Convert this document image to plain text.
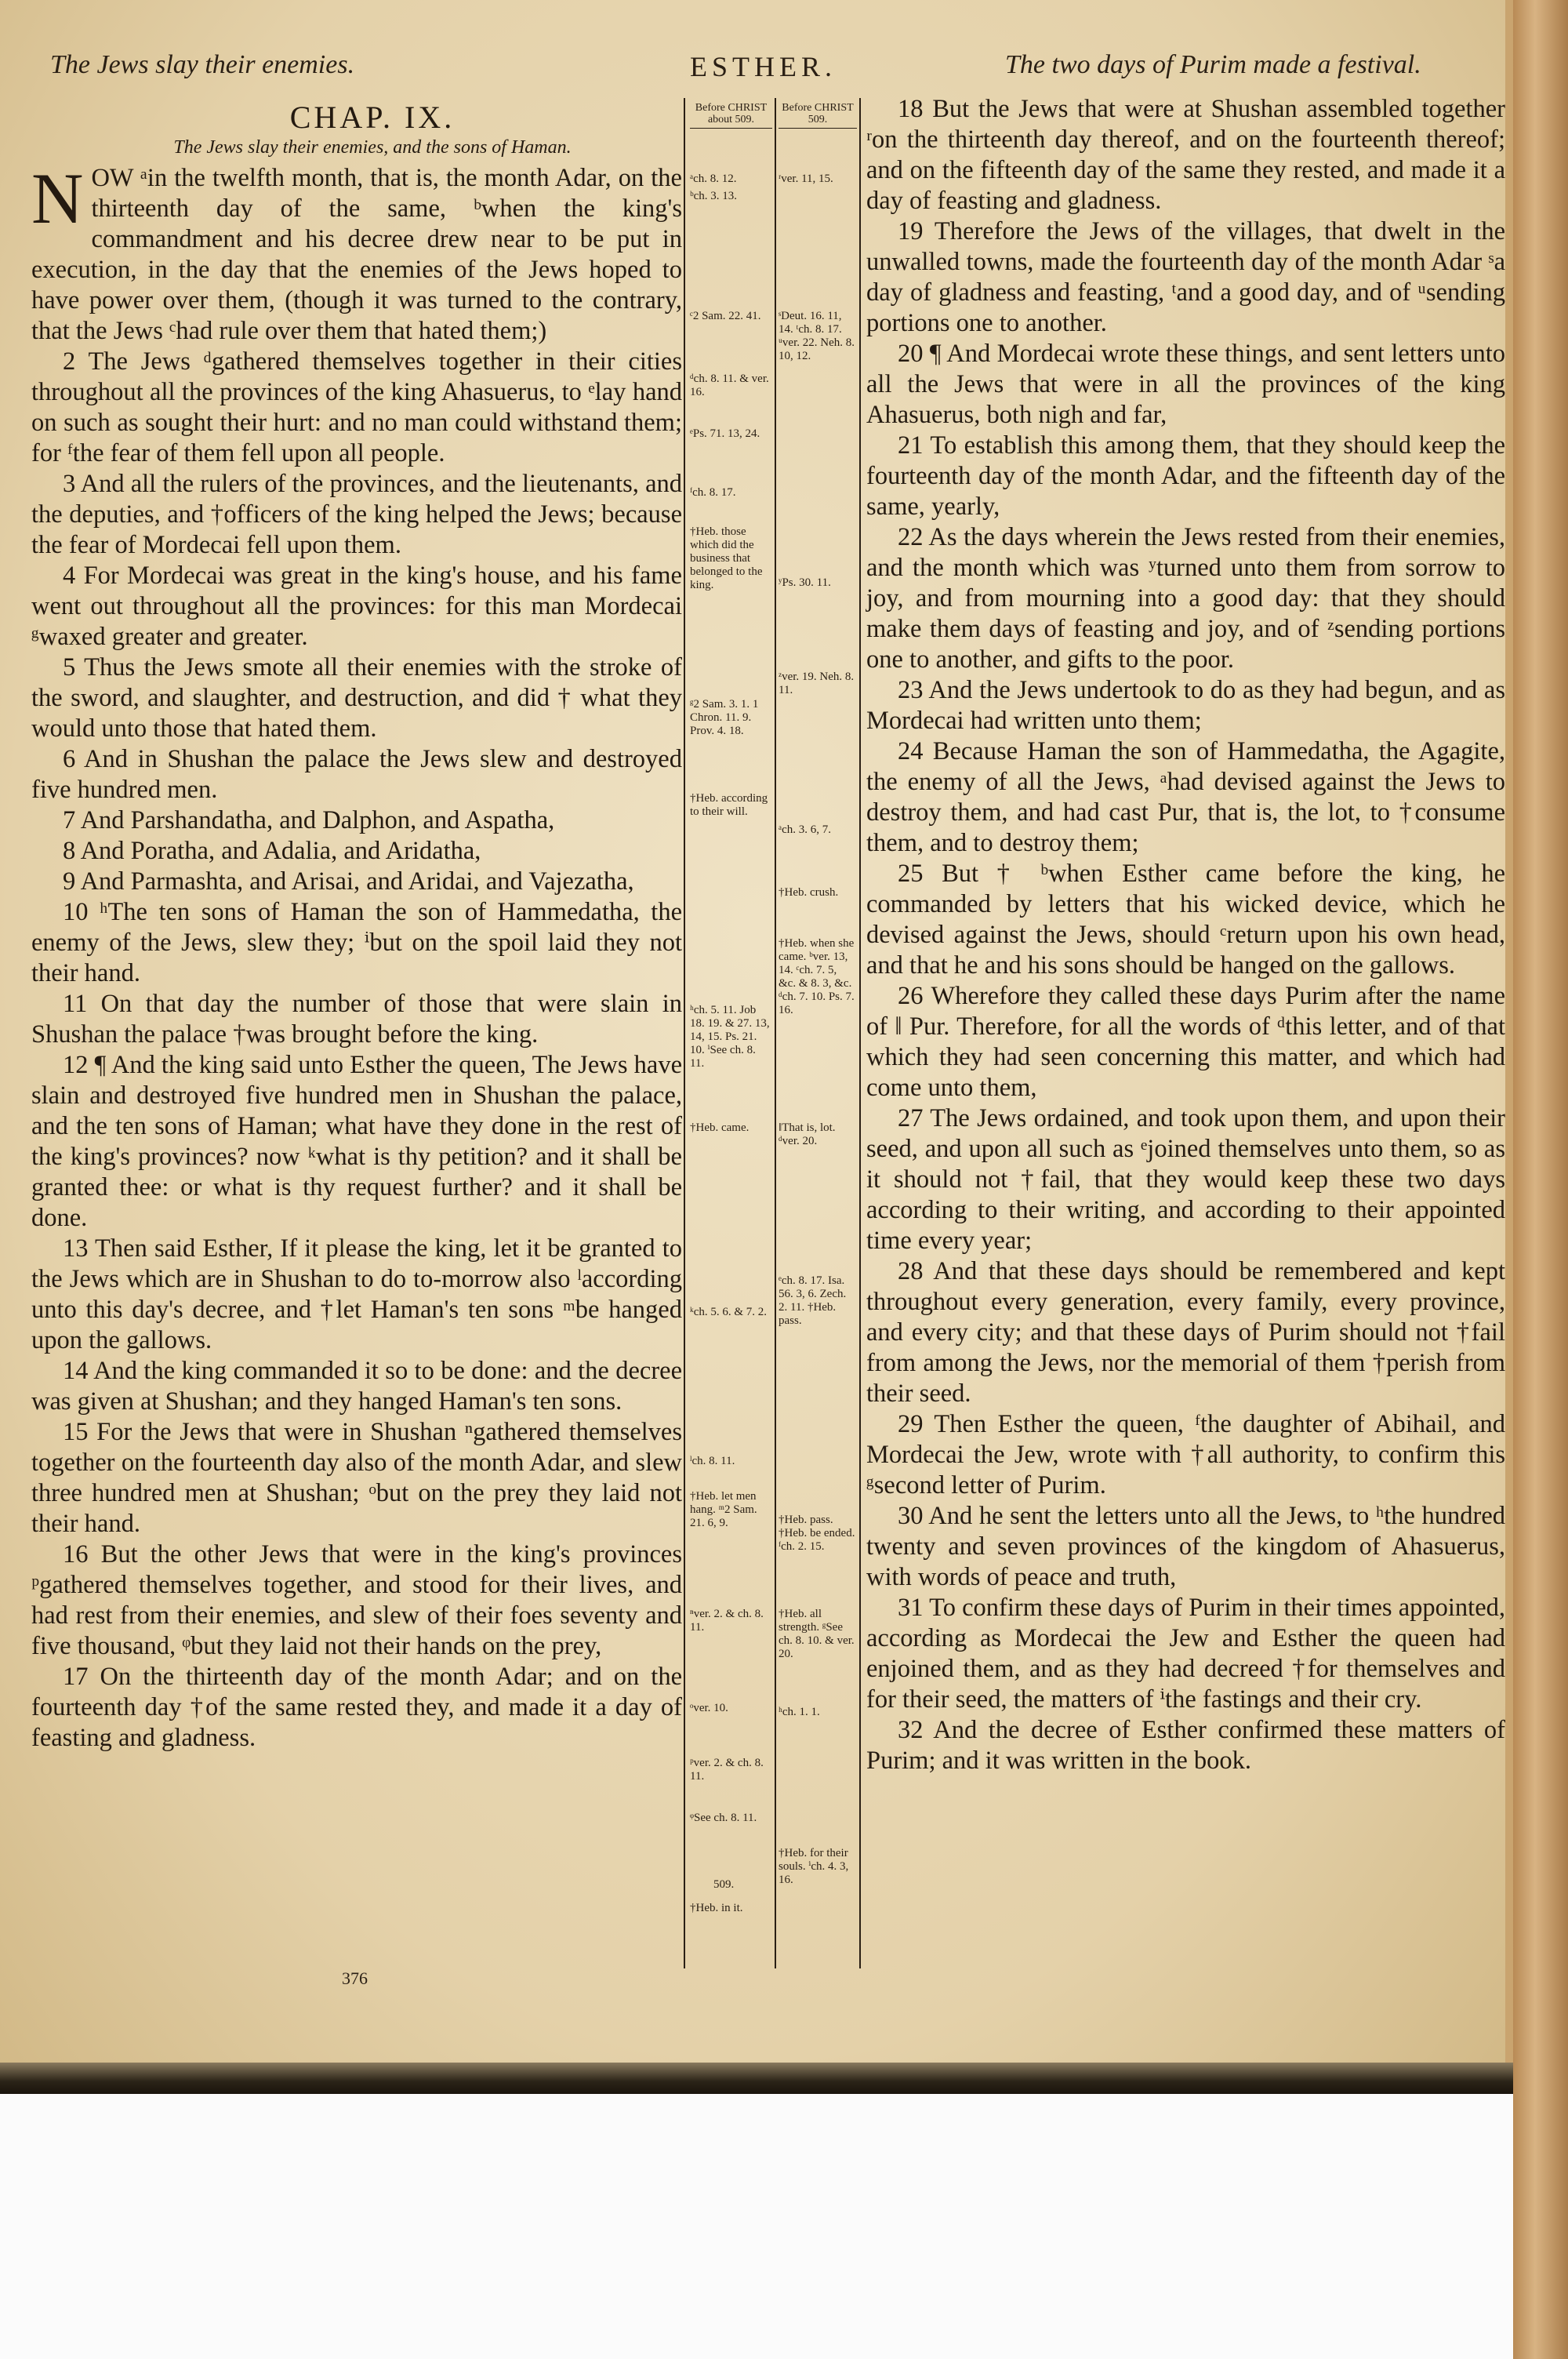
The Jews slay their enemies.	ESTHER.	The two days of Purim made a festival.

CHAP. IX.

The Jews slay their enemies, and the sons of Haman.

NOW ᵃin the twelfth month, that is, the month Adar, on the thirteenth day of the same, ᵇwhen the king's commandment and his decree drew near to be put in execution, in the day that the enemies of the Jews hoped to have power over them, (though it was turned to the contrary, that the Jews ᶜhad rule over them that hated them;)

2 The Jews ᵈgathered themselves together in their cities throughout all the provinces of the king Ahasuerus, to ᵉlay hand on such as sought their hurt: and no man could withstand them; for ᶠthe fear of them fell upon all people.

3 And all the rulers of the provinces, and the lieutenants, and the deputies, and †officers of the king helped the Jews; because the fear of Mordecai fell upon them.

4 For Mordecai was great in the king's house, and his fame went out throughout all the provinces: for this man Mordecai ᵍwaxed greater and greater.

5 Thus the Jews smote all their enemies with the stroke of the sword, and slaughter, and destruction, and did † what they would unto those that hated them.

6 And in Shushan the palace the Jews slew and destroyed five hundred men.

7 And Parshandatha, and Dalphon, and Aspatha,

8 And Poratha, and Adalia, and Aridatha,

9 And Parmashta, and Arisai, and Aridai, and Vajezatha,

10 ʰThe ten sons of Haman the son of Hammedatha, the enemy of the Jews, slew they; ⁱbut on the spoil laid they not their hand.

11 On that day the number of those that were slain in Shushan the palace †was brought before the king.

12 ¶ And the king said unto Esther the queen, The Jews have slain and destroyed five hundred men in Shushan the palace, and the ten sons of Haman; what have they done in the rest of the king's provinces? now ᵏwhat is thy petition? and it shall be granted thee: or what is thy request further? and it shall be done.

13 Then said Esther, If it please the king, let it be granted to the Jews which are in Shushan to do to-morrow also ˡaccording unto this day's decree, and †let Haman's ten sons ᵐbe hanged upon the gallows.

14 And the king commanded it so to be done: and the decree was given at Shushan; and they hanged Haman's ten sons.

15 For the Jews that were in Shushan ⁿgathered themselves together on the fourteenth day also of the month Adar, and slew three hundred men at Shushan; ᵒbut on the prey they laid not their hand.

16 But the other Jews that were in the king's provinces ᵖgathered themselves together, and stood for their lives, and had rest from their enemies, and slew of their foes seventy and five thousand, ᵠbut they laid not their hands on the prey,

17 On the thirteenth day of the month Adar; and on the fourteenth day †of the same rested they, and made it a day of feasting and gladness.

Before CHRIST about 509.
ᵃch. 8. 12.
ᵇch. 3. 13.
ᶜ2 Sam. 22. 41.
ᵈch. 8. 11. & ver. 16.
ᵉPs. 71. 13, 24.
ᶠch. 8. 17.
†Heb. those which did the business that belonged to the king.
ᵍ2 Sam. 3. 1. 1 Chron. 11. 9. Prov. 4. 18.
†Heb. according to their will.
ʰch. 5. 11. Job 18. 19. & 27. 13, 14, 15. Ps. 21. 10. ⁱSee ch. 8. 11.
†Heb. came.
ᵏch. 5. 6. & 7. 2.
ˡch. 8. 11.
†Heb. let men hang. ᵐ2 Sam. 21. 6, 9.
ⁿver. 2. & ch. 8. 11.
ᵒver. 10.
ᵖver. 2. & ch. 8. 11.
ᵠSee ch. 8. 11.
509.
†Heb. in it.
Before CHRIST 509.
ʳver. 11, 15.
ˢDeut. 16. 11, 14. ᵗch. 8. 17. ᵘver. 22. Neh. 8. 10, 12.
ʸPs. 30. 11.
ᶻver. 19. Neh. 8. 11.
ᵃch. 3. 6, 7.
†Heb. crush.
†Heb. when she came. ᵇver. 13, 14. ᶜch. 7. 5, &c. & 8. 3, &c. ᵈch. 7. 10. Ps. 7. 16.
‖That is, lot. ᵈver. 20.
ᵉch. 8. 17. Isa. 56. 3, 6. Zech. 2. 11. †Heb. pass.
†Heb. pass. †Heb. be ended. ᶠch. 2. 15.
†Heb. all strength. ᵍSee ch. 8. 10. & ver. 20.
ʰch. 1. 1.
†Heb. for their souls. ⁱch. 4. 3, 16.

18 But the Jews that were at Shushan assembled together ʳon the thirteenth day thereof, and on the fourteenth thereof; and on the fifteenth day of the same they rested, and made it a day of feasting and gladness.

19 Therefore the Jews of the villages, that dwelt in the unwalled towns, made the fourteenth day of the month Adar ˢa day of gladness and feasting, ᵗand a good day, and of ᵘsending portions one to another.

20 ¶ And Mordecai wrote these things, and sent letters unto all the Jews that were in all the provinces of the king Ahasuerus, both nigh and far,

21 To establish this among them, that they should keep the fourteenth day of the month Adar, and the fifteenth day of the same, yearly,

22 As the days wherein the Jews rested from their enemies, and the month which was ʸturned unto them from sorrow to joy, and from mourning into a good day: that they should make them days of feasting and joy, and of ᶻsending portions one to another, and gifts to the poor.

23 And the Jews undertook to do as they had begun, and as Mordecai had written unto them;

24 Because Haman the son of Hammedatha, the Agagite, the enemy of all the Jews, ᵃhad devised against the Jews to destroy them, and had cast Pur, that is, the lot, to †consume them, and to destroy them;

25 But † ᵇwhen Esther came before the king, he commanded by letters that his wicked device, which he devised against the Jews, should ᶜreturn upon his own head, and that he and his sons should be hanged on the gallows.

26 Wherefore they called these days Purim after the name of ‖ Pur. Therefore, for all the words of ᵈthis letter, and of that which they had seen concerning this matter, and which had come unto them,

27 The Jews ordained, and took upon them, and upon their seed, and upon all such as ᵉjoined themselves unto them, so as it should not †fail, that they would keep these two days according to their writing, and according to their appointed time every year;

28 And that these days should be remembered and kept throughout every generation, every family, every province, and every city; and that these days of Purim should not †fail from among the Jews, nor the memorial of them †perish from their seed.

29 Then Esther the queen, ᶠthe daughter of Abihail, and Mordecai the Jew, wrote with †all authority, to confirm this ᵍsecond letter of Purim.

30 And he sent the letters unto all the Jews, to ʰthe hundred twenty and seven provinces of the kingdom of Ahasuerus, with words of peace and truth,

31 To confirm these days of Purim in their times appointed, according as Mordecai the Jew and Esther the queen had enjoined them, and as they had decreed †for themselves and for their seed, the matters of ⁱthe fastings and their cry.

32 And the decree of Esther confirmed these matters of Purim; and it was written in the book.

376
